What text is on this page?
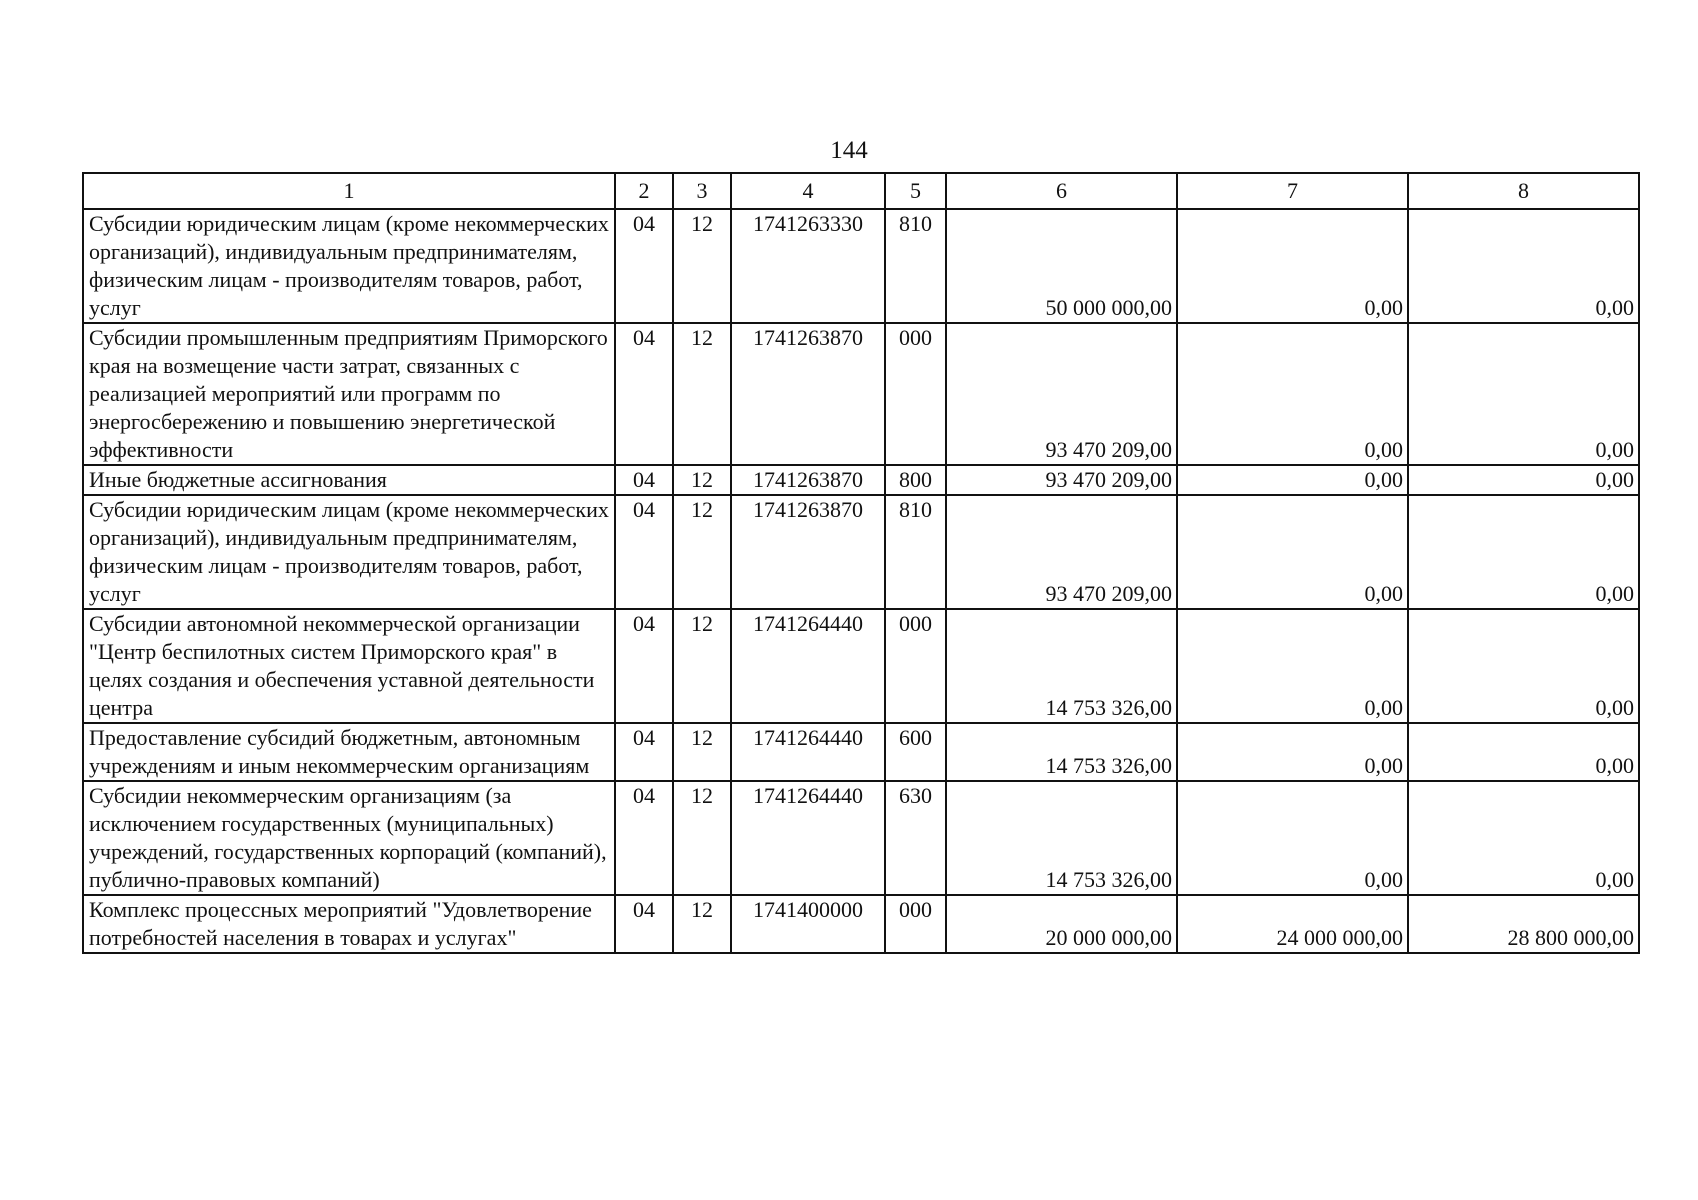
144
1	2	3	4	5	6	7	8
Субсидии юридическим лицам (кроме некоммерческих организаций), индивидуальным предпринимателям, физическим лицам - производителям товаров, работ, услуг	04	12	1741263330	810	50 000 000,00	0,00	0,00
Субсидии промышленным предприятиям Приморского края на возмещение части затрат, связанных с реализацией мероприятий или программ по энергосбережению и повышению энергетической эффективности	04	12	1741263870	000	93 470 209,00	0,00	0,00
Иные бюджетные ассигнования	04	12	1741263870	800	93 470 209,00	0,00	0,00
Субсидии юридическим лицам (кроме некоммерческих организаций), индивидуальным предпринимателям, физическим лицам - производителям товаров, работ, услуг	04	12	1741263870	810	93 470 209,00	0,00	0,00
Субсидии автономной некоммерческой организации "Центр беспилотных систем Приморского края" в целях создания и обеспечения уставной деятельности центра	04	12	1741264440	000	14 753 326,00	0,00	0,00
Предоставление субсидий бюджетным, автономным учреждениям и иным некоммерческим организациям	04	12	1741264440	600	14 753 326,00	0,00	0,00
Субсидии некоммерческим организациям (за исключением государственных (муниципальных) учреждений, государственных корпораций (компаний), публично-правовых компаний)	04	12	1741264440	630	14 753 326,00	0,00	0,00
Комплекс процессных мероприятий "Удовлетворение потребностей населения в товарах и услугах"	04	12	1741400000	000	20 000 000,00	24 000 000,00	28 800 000,00
